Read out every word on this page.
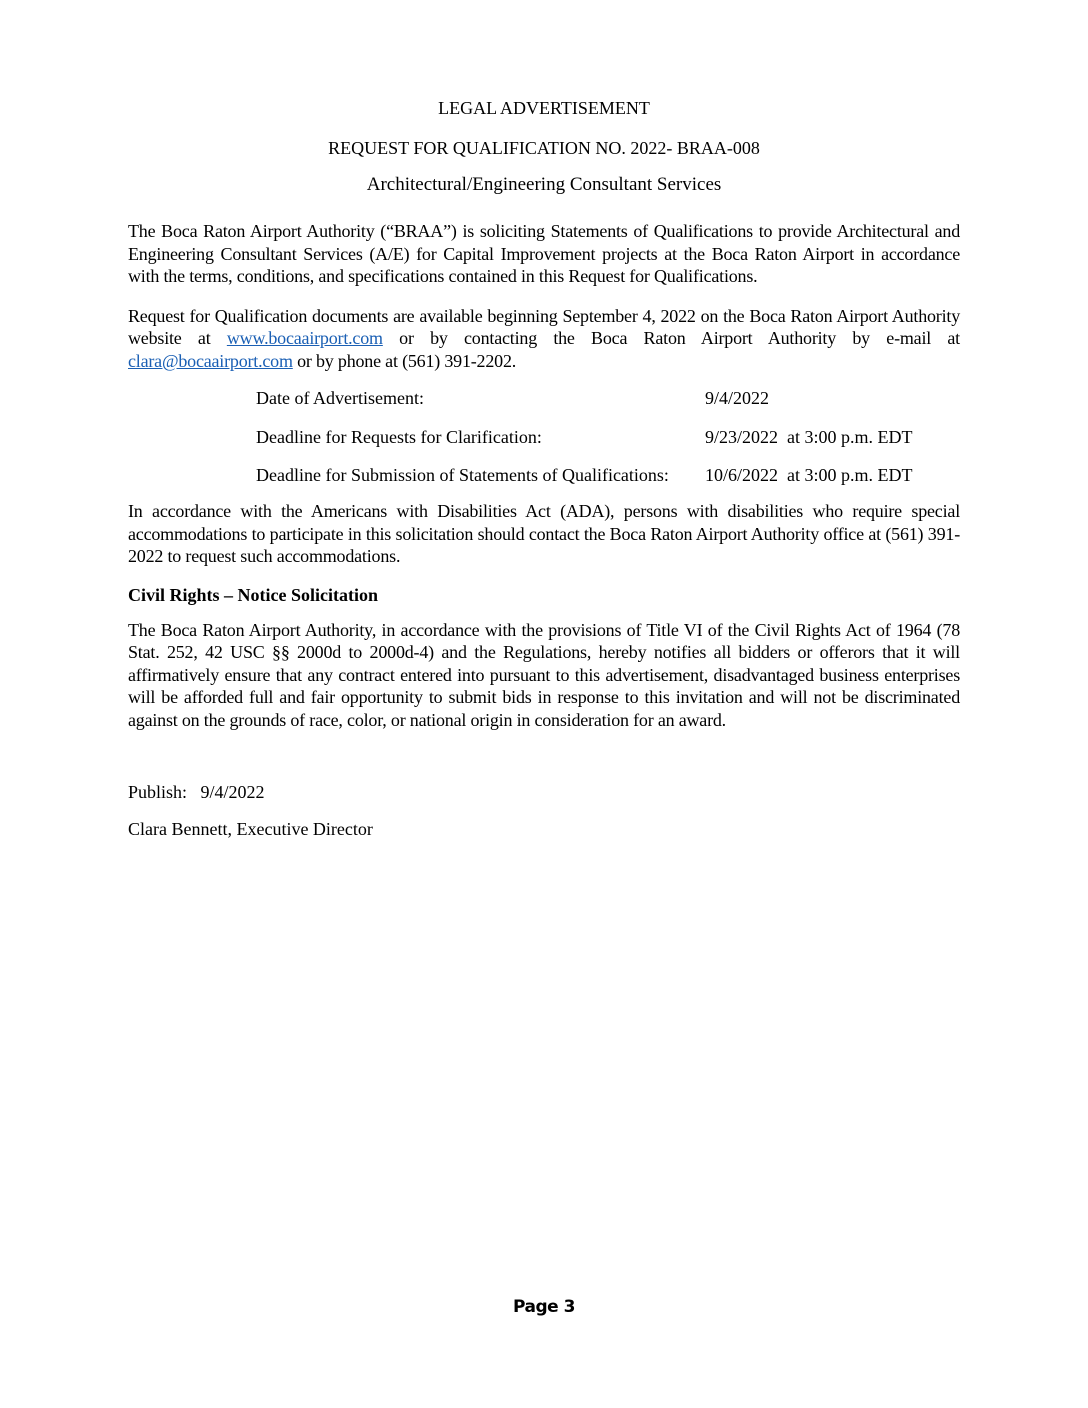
LEGAL ADVERTISEMENT
REQUEST FOR QUALIFICATION NO. 2022- BRAA-008
Architectural/Engineering Consultant Services

The Boca Raton Airport Authority (“BRAA”) is soliciting Statements of Qualifications to provide Architectural and Engineering Consultant Services (A/E) for Capital Improvement projects at the Boca Raton Airport in accordance with the terms, conditions, and specifications contained in this Request for Qualifications.

Request for Qualification documents are available beginning September 4, 2022 on the Boca Raton Airport Authority website at www.bocaairport.com or by contacting the Boca Raton Airport Authority by e-mail at clara@bocaairport.com or by phone at (561) 391-2202.

Date of Advertisement:	9/4/2022
Deadline for Requests for Clarification:	9/23/2022  at 3:00 p.m. EDT
Deadline for Submission of Statements of Qualifications:	10/6/2022  at 3:00 p.m. EDT

In accordance with the Americans with Disabilities Act (ADA), persons with disabilities who require special accommodations to participate in this solicitation should contact the Boca Raton Airport Authority office at (561) 391-2022 to request such accommodations.

Civil Rights – Notice Solicitation

The Boca Raton Airport Authority, in accordance with the provisions of Title VI of the Civil Rights Act of 1964 (78 Stat. 252, 42 USC §§ 2000d to 2000d-4) and the Regulations, hereby notifies all bidders or offerors that it will affirmatively ensure that any contract entered into pursuant to this advertisement, disadvantaged business enterprises will be afforded full and fair opportunity to submit bids in response to this invitation and will not be discriminated against on the grounds of race, color, or national origin in consideration for an award.

Publish: 9/4/2022
Clara Bennett, Executive Director
Page 3
